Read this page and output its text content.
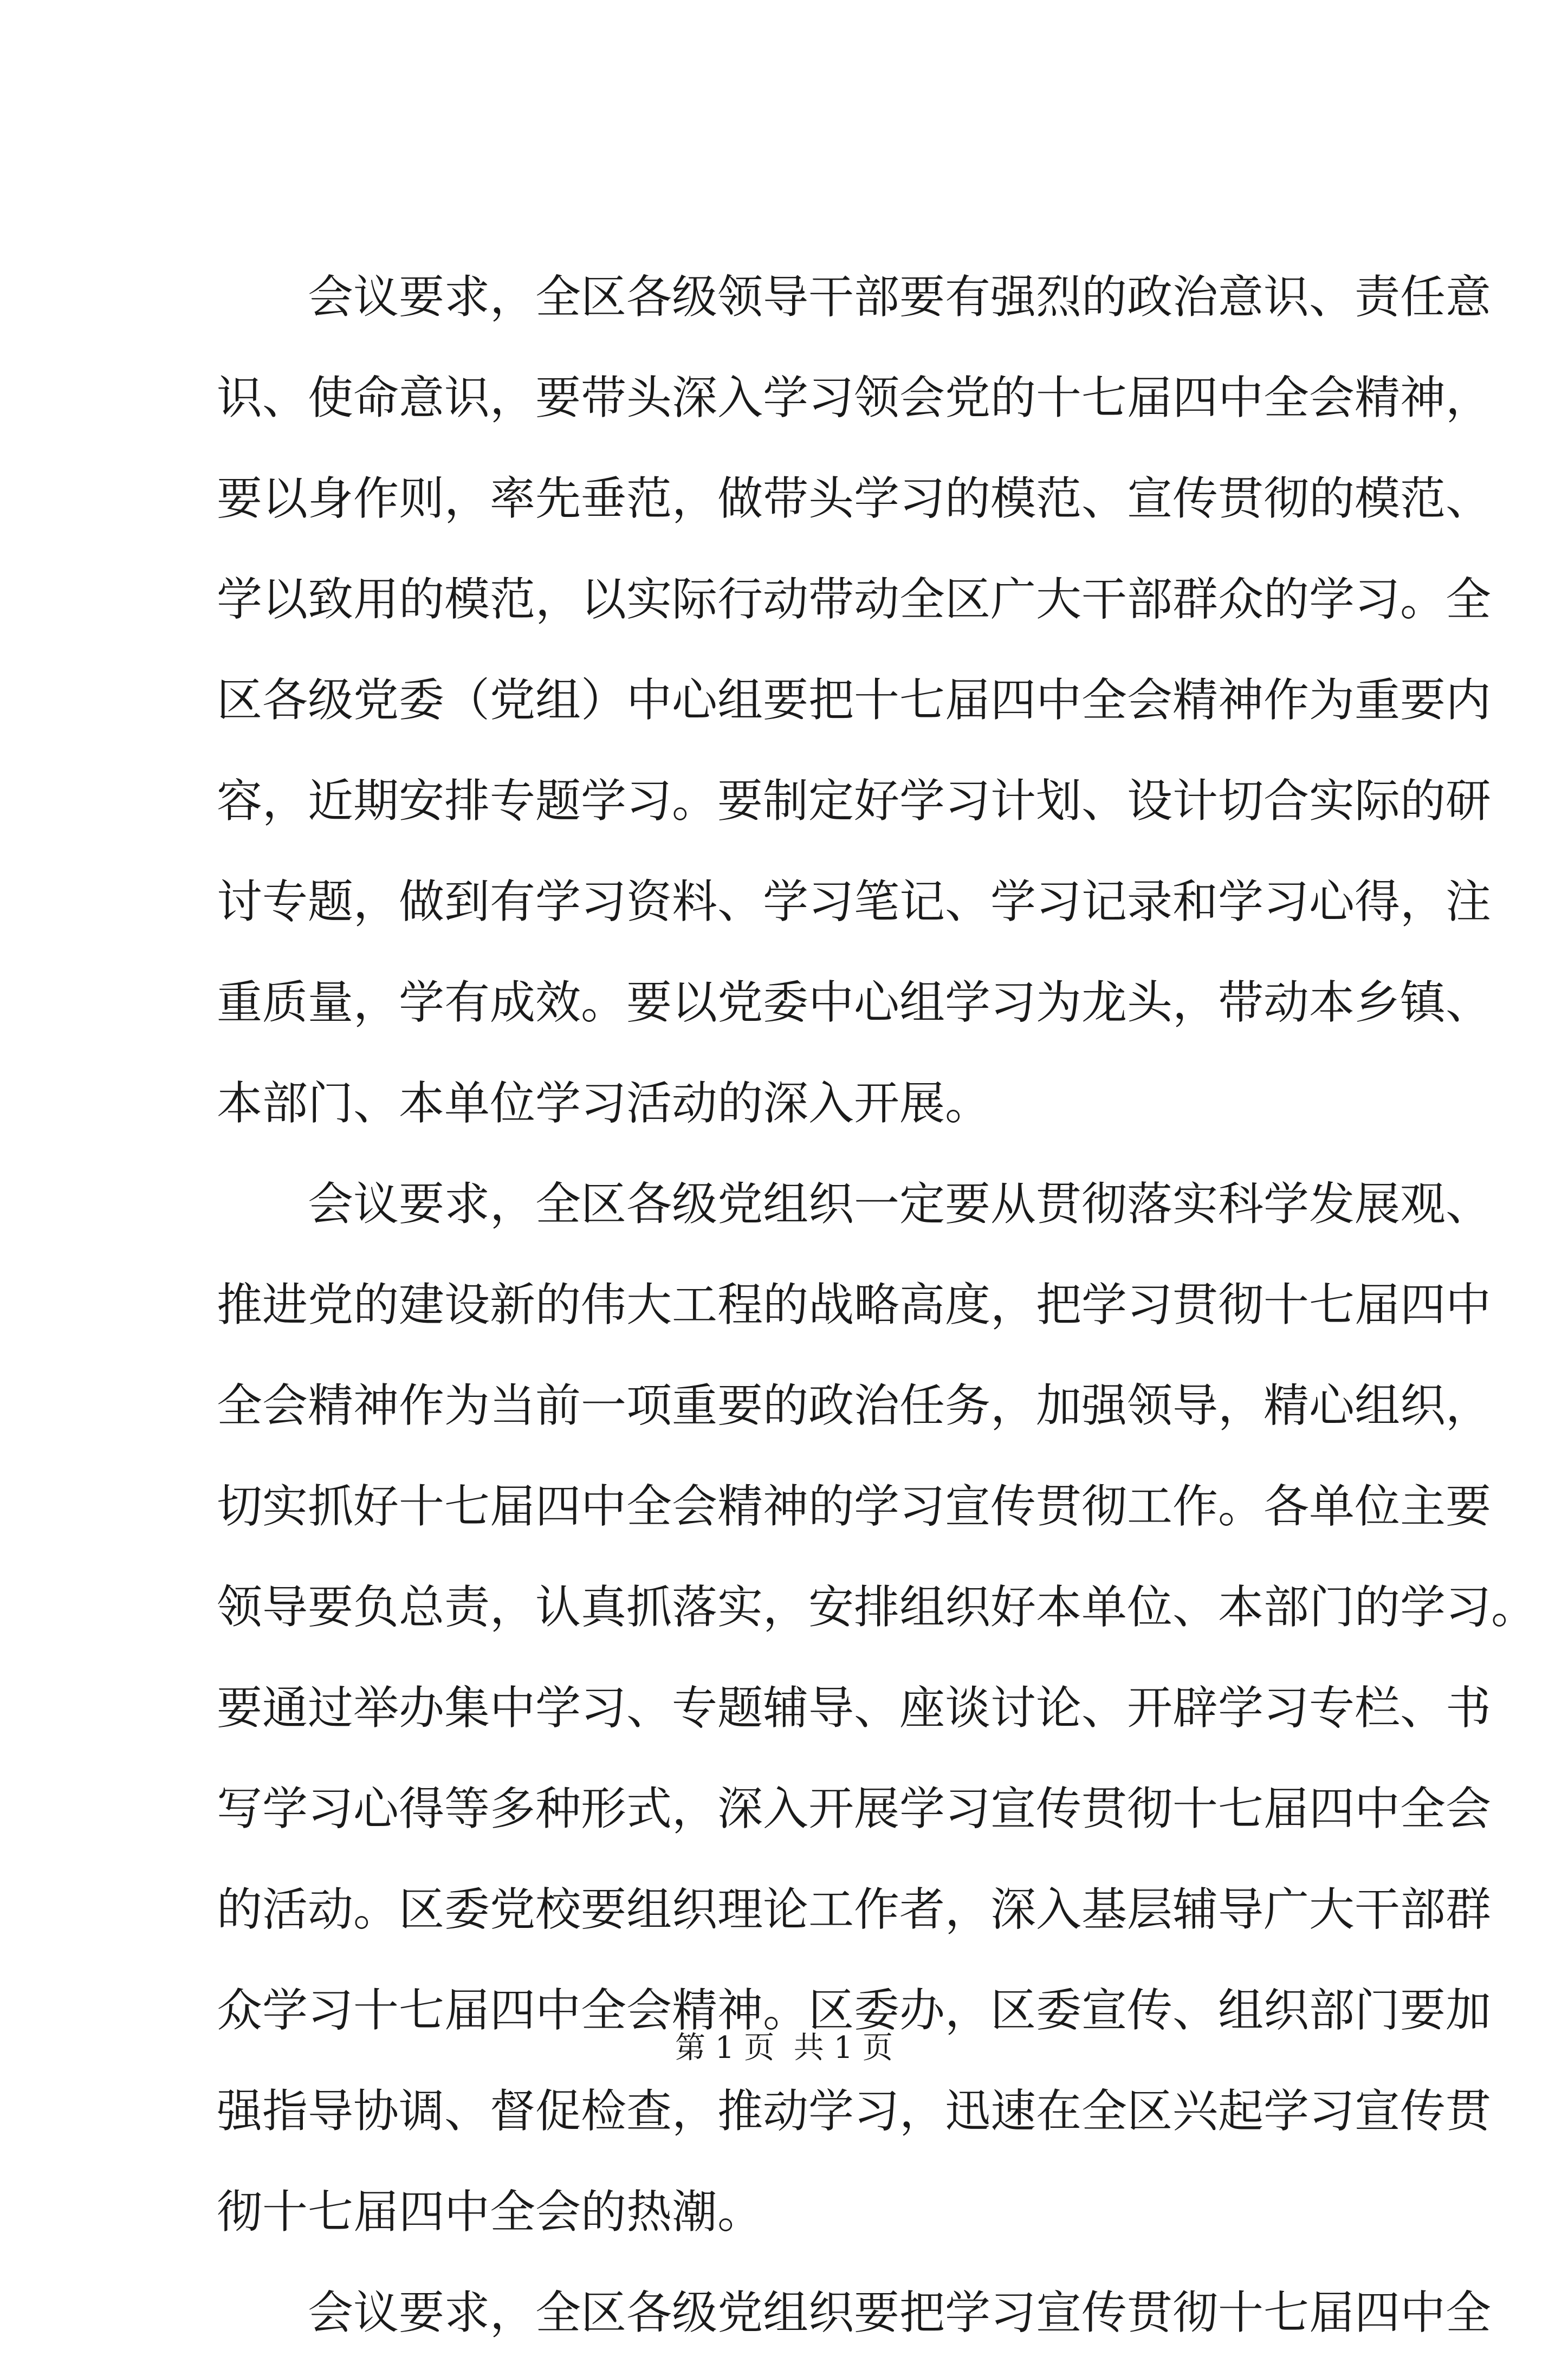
会议要求，全区各级领导干部要有强烈的政治意识、责任意
识、使命意识，要带头深入学习领会党的十七届四中全会精神，
要以身作则，率先垂范，做带头学习的模范、宣传贯彻的模范、
学以致用的模范，以实际行动带动全区广大干部群众的学习。全
区各级党委（党组）中心组要把十七届四中全会精神作为重要内
容，近期安排专题学习。要制定好学习计划、设计切合实际的研
讨专题，做到有学习资料、学习笔记、学习记录和学习心得，注
重质量，学有成效。要以党委中心组学习为龙头，带动本乡镇、
本部门、本单位学习活动的深入开展。
会议要求，全区各级党组织一定要从贯彻落实科学发展观、
推进党的建设新的伟大工程的战略高度，把学习贯彻十七届四中
全会精神作为当前一项重要的政治任务，加强领导，精心组织，
切实抓好十七届四中全会精神的学习宣传贯彻工作。各单位主要
领导要负总责，认真抓落实，安排组织好本单位、本部门的学习。
要通过举办集中学习、专题辅导、座谈讨论、开辟学习专栏、书
写学习心得等多种形式，深入开展学习宣传贯彻十七届四中全会
的活动。区委党校要组织理论工作者，深入基层辅导广大干部群
众学习十七届四中全会精神。区委办，区委宣传、组织部门要加
强指导协调、督促检查，推动学习，迅速在全区兴起学习宣传贯
彻十七届四中全会的热潮。
会议要求，全区各级党组织要把学习宣传贯彻十七届四中全
第 1 页  共 1 页
